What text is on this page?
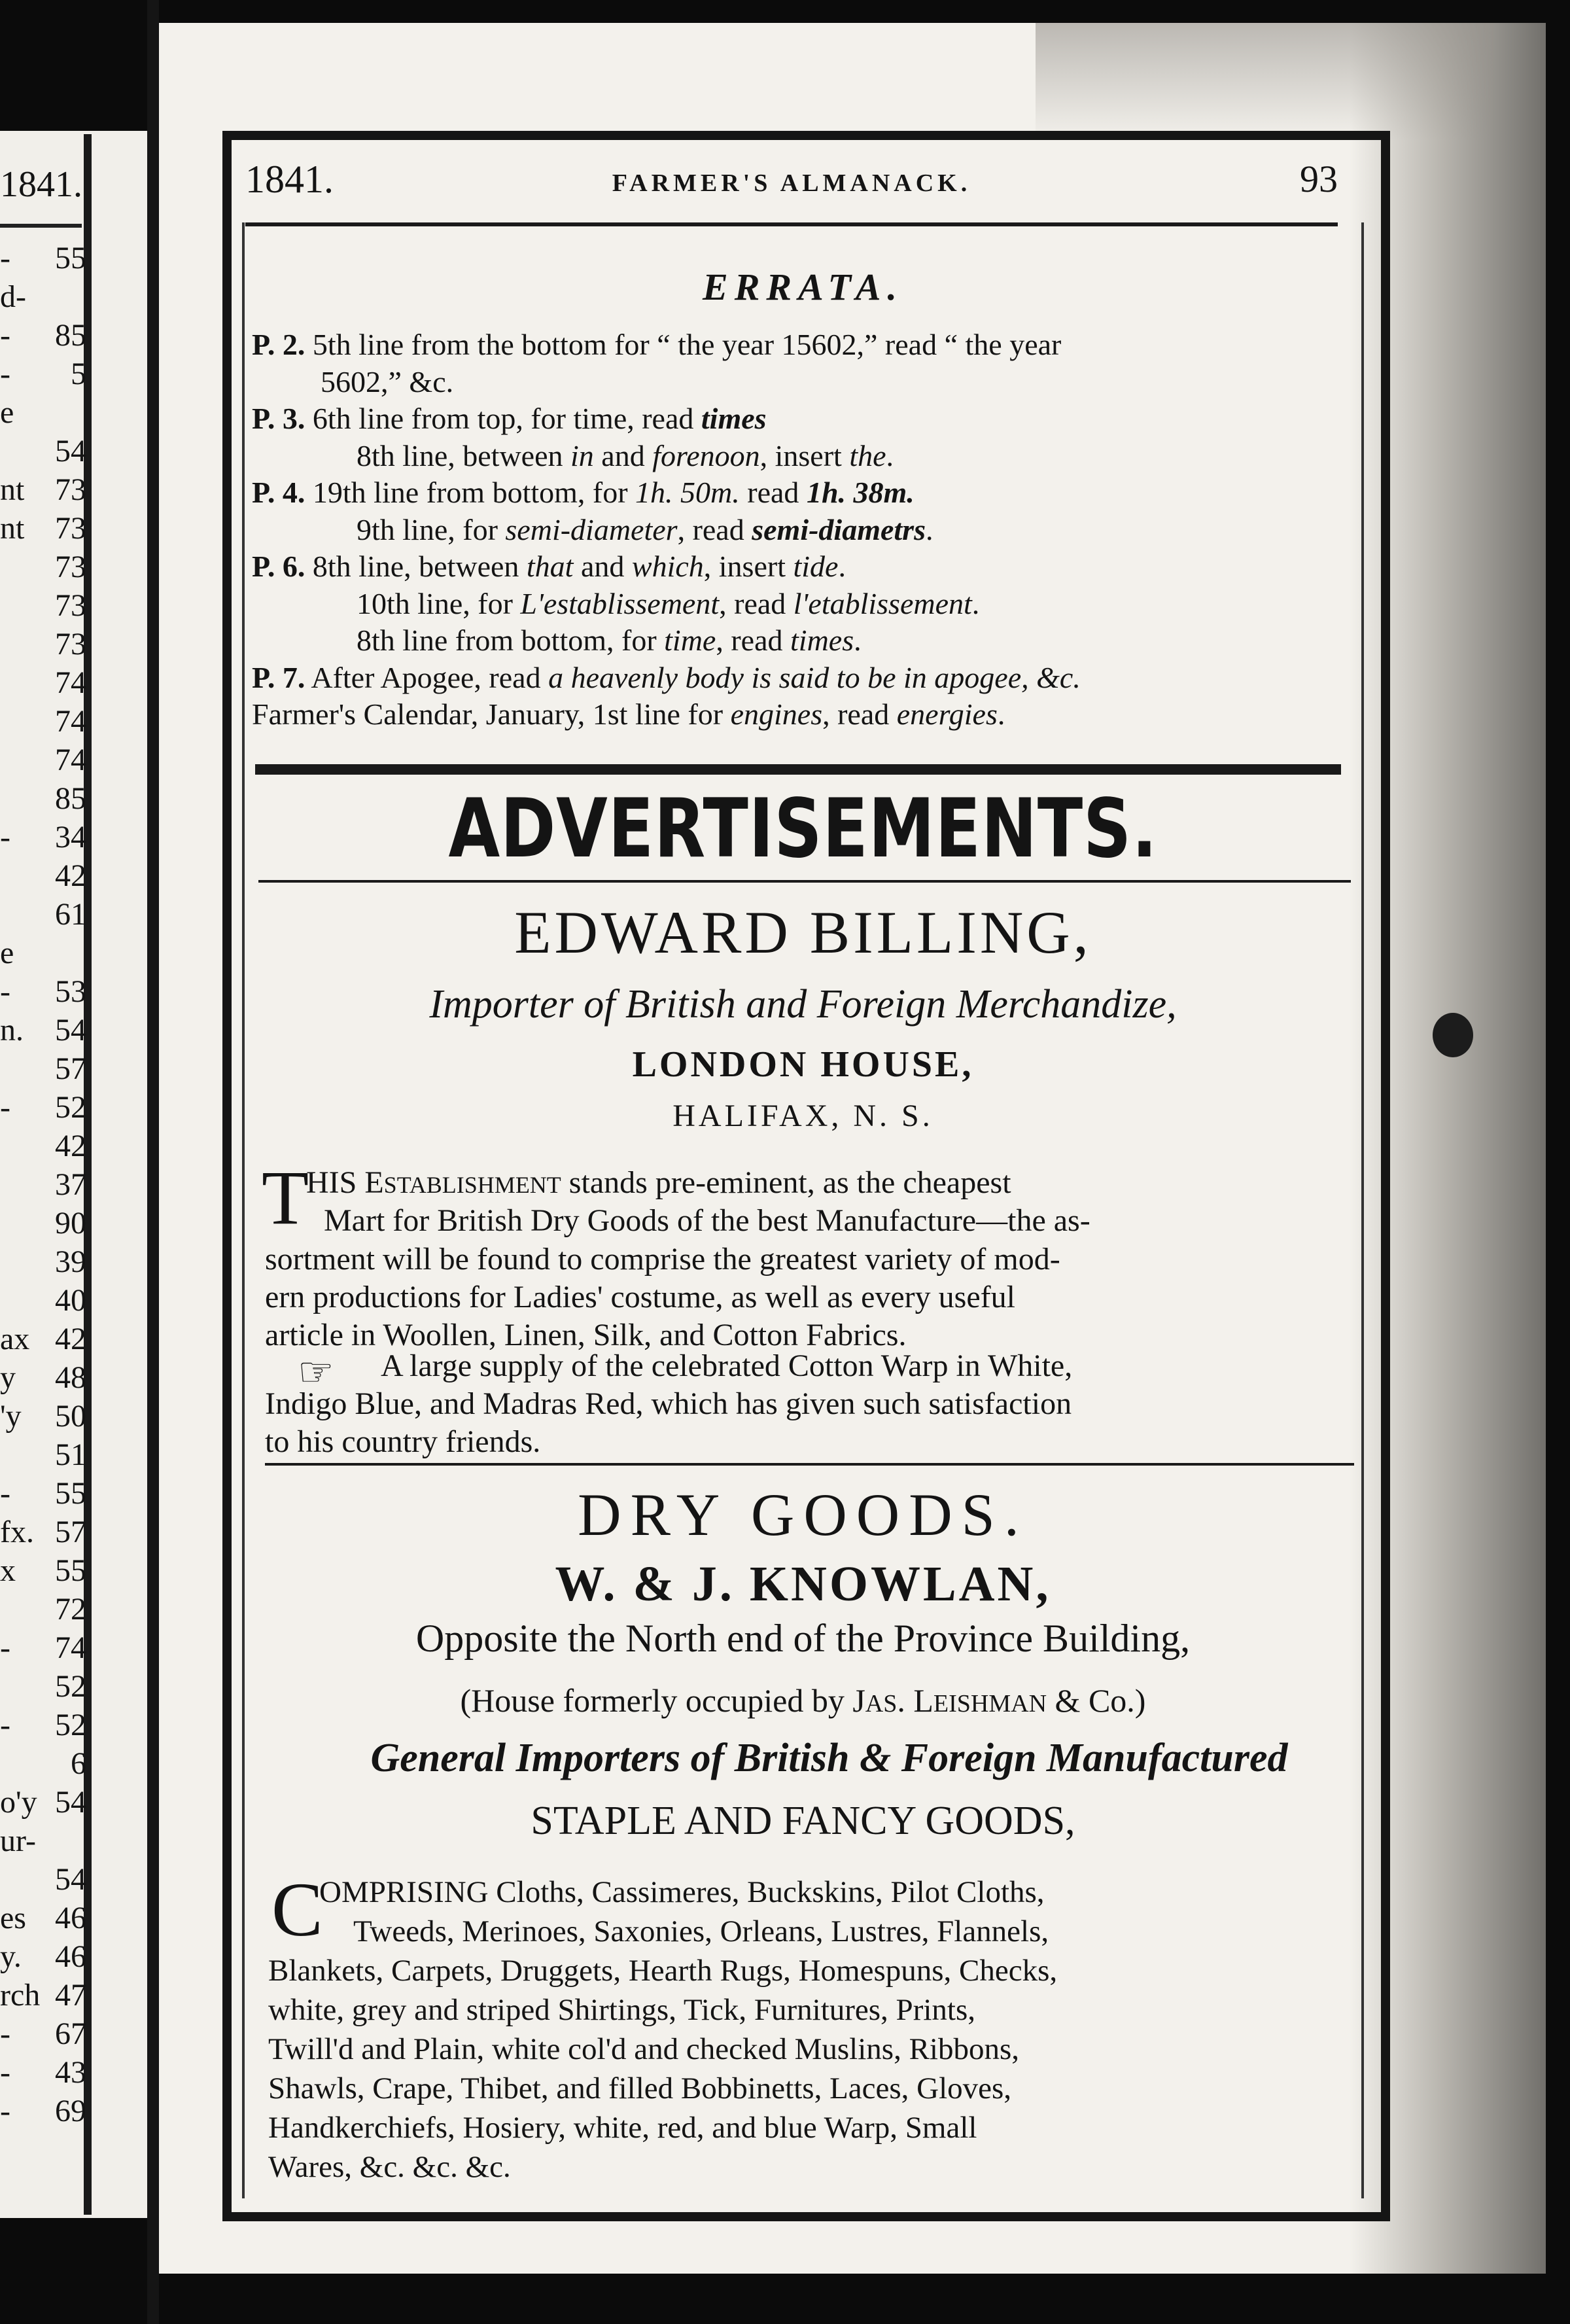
1841.
- 55
d-
- 85
- 5
e
54
nt 73
nt 73
73
73
73
74
74
74
85
- 34
42
61
e
- 53
n. 54
57
- 52
42
37
90
39
40
ax 42
y 48
'y 50
51
- 55
fx. 57
x 55
72
- 74
52
- 52
6
o'y 54
ur-
54
es 46
y. 46
rch 47
- 67
- 43
- 69
1841.	FARMER'S ALMANACK.	93
ERRATA.
P. 2. 5th line from the bottom for “ the year 15602,” read “ the year
5602,” &c.
P. 3. 6th line from top, for time, read times
8th line, between in and forenoon, insert the.
P. 4. 19th line from bottom, for 1h. 50m. read 1h. 38m.
9th line, for semi-diameter, read semi-diametrs.
P. 6. 8th line, between that and which, insert tide.
10th line, for L'establissement, read l'etablissement.
8th line from bottom, for time, read times.
P. 7. After Apogee, read a heavenly body is said to be in apogee, &c.
Farmer's Calendar, January, 1st line for engines, read energies.
ADVERTISEMENTS.
EDWARD BILLING,
Importer of British and Foreign Merchandize,
LONDON HOUSE,
HALIFAX, N. S.
T
☞
HIS ESTABLISHMENT stands pre-eminent, as the cheapest
Mart for British Dry Goods of the best Manufacture—the as-
sortment will be found to comprise the greatest variety of mod-
ern productions for Ladies' costume, as well as every useful
article in Woollen, Linen, Silk, and Cotton Fabrics.
A large supply of the celebrated Cotton Warp in White,
Indigo Blue, and Madras Red, which has given such satisfaction
to his country friends.
DRY GOODS.
W. & J. KNOWLAN,
Opposite the North end of the Province Building,
(House formerly occupied by JAS. LEISHMAN & Co.)
General Importers of British & Foreign Manufactured
STAPLE AND FANCY GOODS,
C
OMPRISING Cloths, Cassimeres, Buckskins, Pilot Cloths,
Tweeds, Merinoes, Saxonies, Orleans, Lustres, Flannels,
Blankets, Carpets, Druggets, Hearth Rugs, Homespuns, Checks,
white, grey and striped Shirtings, Tick, Furnitures, Prints,
Twill'd and Plain, white col'd and checked Muslins, Ribbons,
Shawls, Crape, Thibet, and filled Bobbinetts, Laces, Gloves,
Handkerchiefs, Hosiery, white, red, and blue Warp, Small
Wares, &c. &c. &c.
